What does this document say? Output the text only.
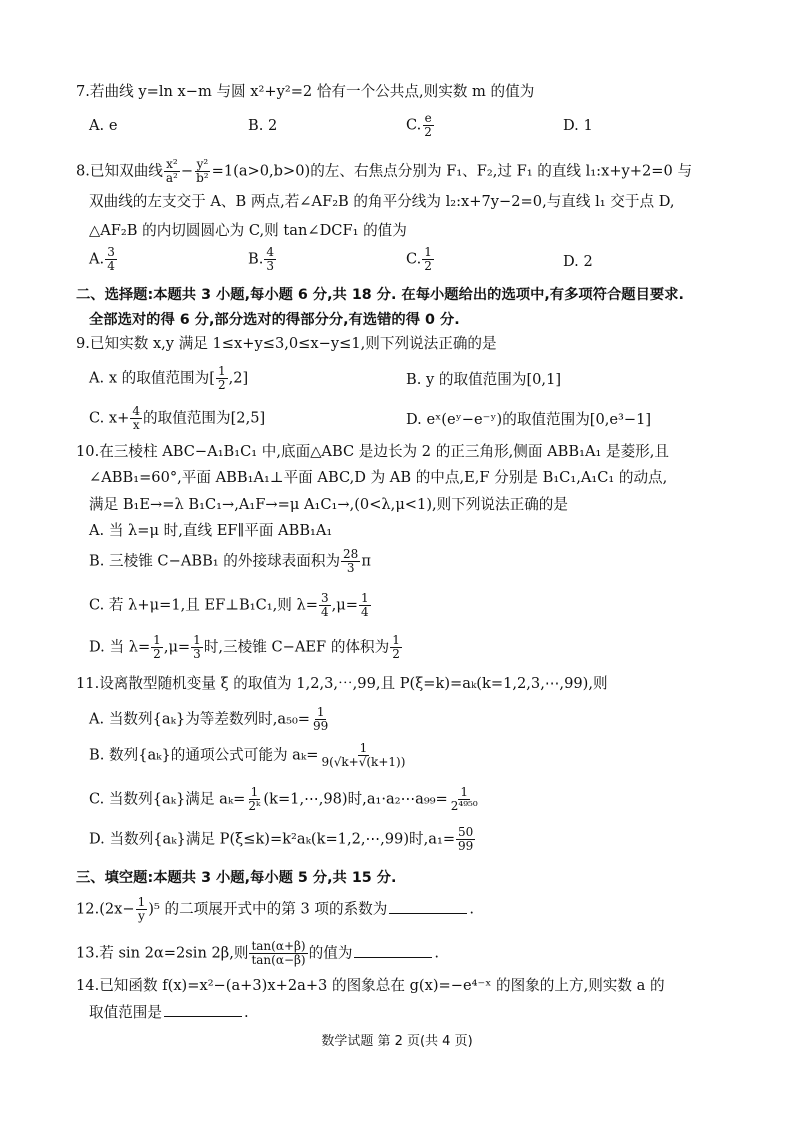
7.若曲线 y=ln x−m 与圆 x²+y²=2 恰有一个公共点,则实数 m 的值为
A. e	B. 2	C. $\frac{e}{2}$	D. 1
8.已知双曲线 $\frac{\text{x²}}{\text{a²}} - \frac{\text{y²}}{\text{b²}} =1(a>0,b>0)$的左、右焦点分别为 F₁、F₂,过 F₁ 的直线 l₁:x+y+2=0 与
双曲线的左支交于 A、B 两点,若∠AF₂B 的角平分线为 l₂:x+7y−2=0,与直线 l₁ 交于点 D,
△AF₂B 的内切圆圆心为 C,则 tan∠DCF₁ 的值为
A. $\frac{3}{4}$	B. $\frac{4}{3}$	C. $\frac{1}{2}$	D. 2
二、选择题:本题共 3 小题,每小题 6 分,共 18 分. 在每小题给出的选项中,有多项符合题目要求.
全部选对的得 6 分,部分选对的得部分分,有选错的得 0 分.
9.已知实数 x,y 满足 1≤x+y≤3,0≤x−y≤1,则下列说法正确的是
A. x 的取值范围为[ $\frac{1}{2} ,2$]	B. y 的取值范围为[0,1]
C. $x+ \frac{4}{x}$ 的取值范围为[2,5]	D. eˣ(eʸ−e⁻ʸ)的取值范围为[0,e³−1]
10.在三棱柱 ABC−A₁B₁C₁ 中,底面△ABC 是边长为 2 的正三角形,侧面 ABB₁A₁ 是菱形,且
∠ABB₁=60°,平面 ABB₁A₁⊥平面 ABC,D 为 AB 的中点,E,F 分别是 B₁C₁,A₁C₁ 的动点,
满足 B₁E→=λ B₁C₁→,A₁F→=μ A₁C₁→,(0<λ,μ<1),则下列说法正确的是
A. 当 λ=μ 时,直线 EF∥平面 ABB₁A₁
B. 三棱锥 C−ABB₁ 的外接球表面积为 $\frac{28}{3}$ π
C. 若 λ+μ=1,且 EF⊥B₁C₁,则 $\lambda= \frac{3}{4} ,\mu= \frac{1}{4}$
D. 当 $\lambda= \frac{1}{2} ,\mu= \frac{1}{3}$ 时,三棱锥 C−AEF 的体积为 $\frac{1}{2}$
11.设离散型随机变量 ξ 的取值为 1,2,3,⋯,99,且 P(ξ=k)=aₖ(k=1,2,3,⋯,99),则
A. 当数列{aₖ}为等差数列时$,a_{50}= \frac{1}{99}$
B. 数列{aₖ}的通项公式可能为 $a_k= \frac{1}{9(√k+√(k+1))}$
C. 当数列{aₖ}满足 $a_k= \frac{1}{\text{2ᵏ}}$ (k=1,⋯,98)时,a₁·a₂⋯a₉₉= $\frac{1}{\text{2⁴⁹⁵⁰}}$
D. 当数列{aₖ}满足 P(ξ≤k)=k²aₖ(k=1,2,⋯,99)时$,a_1= \frac{50}{99}$
三、填空题:本题共 3 小题,每小题 5 分,共 15 分.
$12.(2x- \frac{1}{y} )^5$ 的二项展开式中的第 3 项的系数为	.
13.若 sin 2α=2sin 2β,则 $\frac{\tan(\alpha+\beta)}{\tan(\alpha-\beta)}$ 的值为	.
14.已知函数 f(x)=x²−(a+3)x+2a+3 的图象总在 g(x)=−e⁴⁻ˣ 的图象的上方,则实数 a 的
取值范围是	.
数学试题 第 2 页(共 4 页)
